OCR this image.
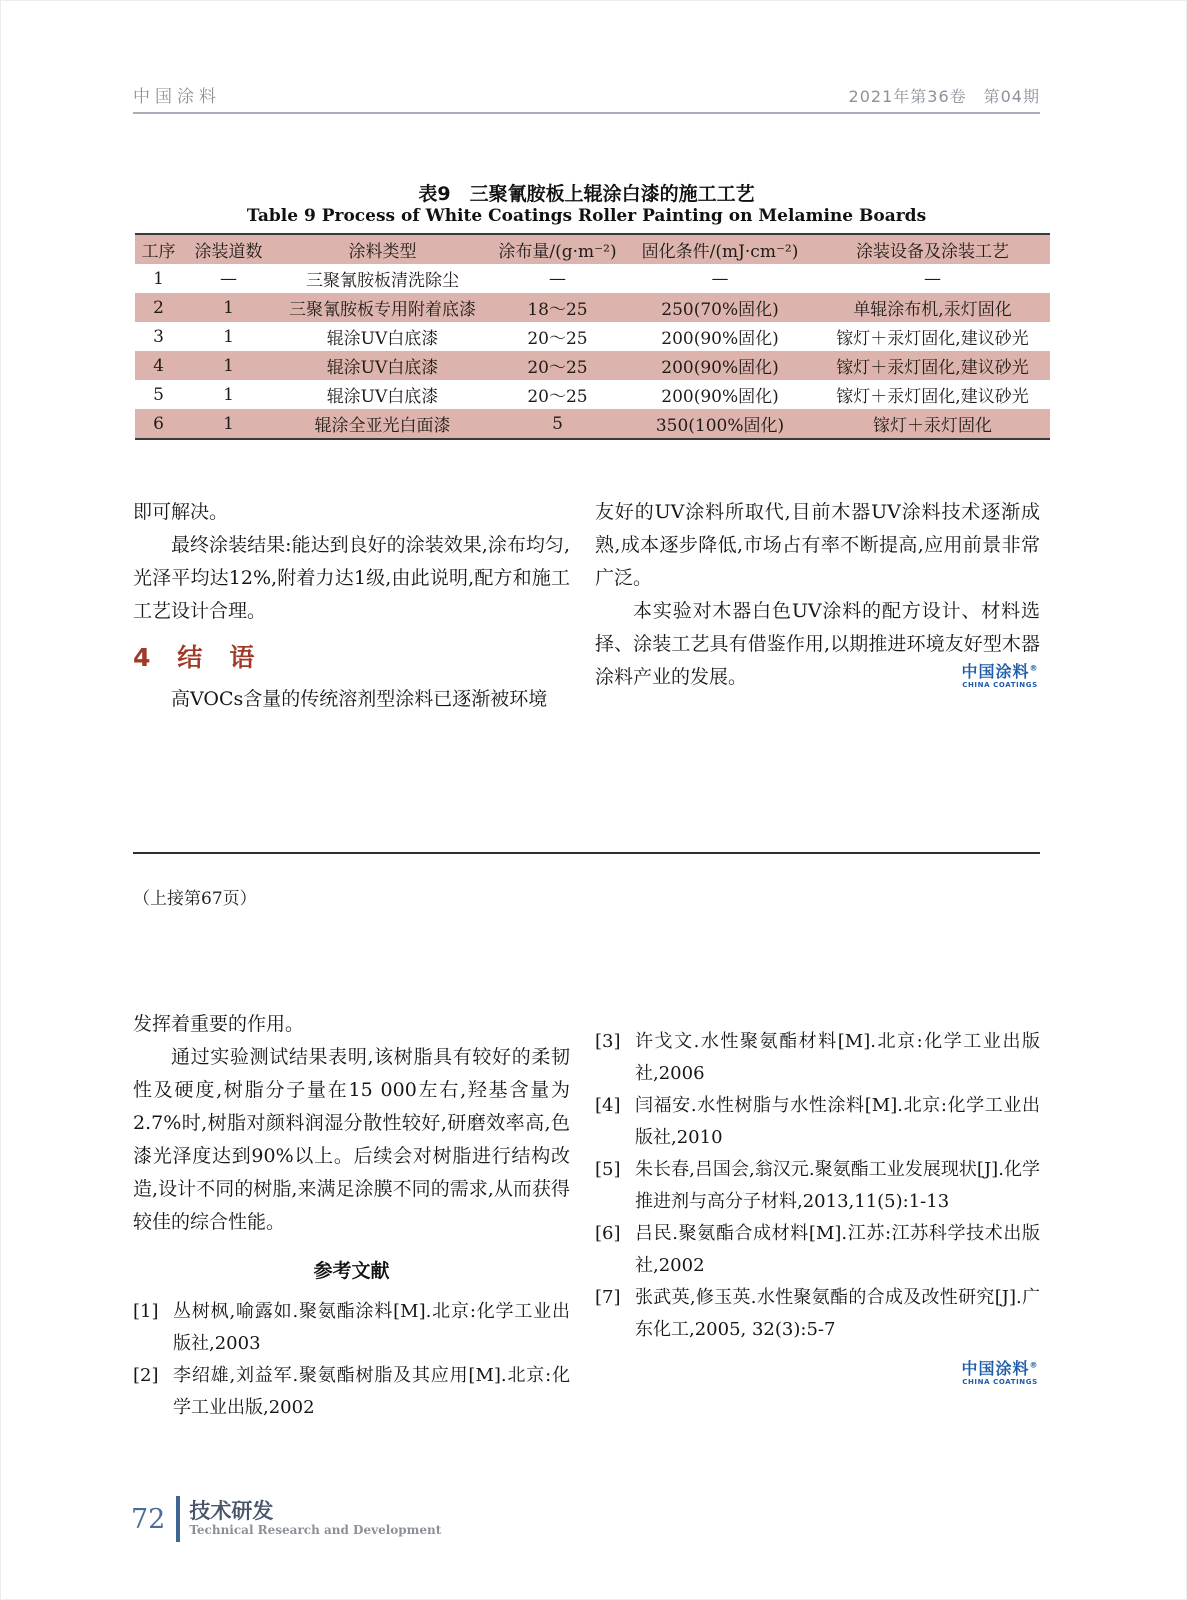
中国涂料	2021年第36卷　第04期
表9　三聚氰胺板上辊涂白漆的施工工艺
Table 9 Process of White Coatings Roller Painting on Melamine Boards
工序	涂装道数	涂料类型	涂布量/(g·m⁻²)	固化条件/(mJ·cm⁻²)	涂装设备及涂装工艺
1	—	三聚氰胺板清洗除尘	—	—	—
2	1	三聚氰胺板专用附着底漆	18～25	250(70%固化)	单辊涂布机,汞灯固化
3	1	辊涂UV白底漆	20～25	200(90%固化)	镓灯＋汞灯固化,建议砂光
4	1	辊涂UV白底漆	20～25	200(90%固化)	镓灯＋汞灯固化,建议砂光
5	1	辊涂UV白底漆	20～25	200(90%固化)	镓灯＋汞灯固化,建议砂光
6	1	辊涂全亚光白面漆	5	350(100%固化)	镓灯＋汞灯固化

即可解决。

最终涂装结果:能达到良好的涂装效果,涂布均匀,光泽平均达12%,附着力达1级,由此说明,配方和施工工艺设计合理。

4　结　语

高VOCs含量的传统溶剂型涂料已逐渐被环境

友好的UV涂料所取代,目前木器UV涂料技术逐渐成熟,成本逐步降低,市场占有率不断提高,应用前景非常广泛。

本实验对木器白色UV涂料的配方设计、材料选择、涂装工艺具有借鉴作用,以期推进环境友好型木器涂料产业的发展。	中国涂料®
CHINA COATINGS
（上接第67页）

发挥着重要的作用。

通过实验测试结果表明,该树脂具有较好的柔韧性及硬度,树脂分子量在15 000左右,羟基含量为2.7%时,树脂对颜料润湿分散性较好,研磨效率高,色漆光泽度达到90%以上。后续会对树脂进行结构改造,设计不同的树脂,来满足涂膜不同的需求,从而获得较佳的综合性能。

参考文献
[1] 丛树枫,喻露如.聚氨酯涂料[M].北京:化学工业出版社,2003
[2] 李绍雄,刘益军.聚氨酯树脂及其应用[M].北京:化学工业出版,2002
[3] 许戈文.水性聚氨酯材料[M].北京:化学工业出版社,2006
[4] 闫福安.水性树脂与水性涂料[M].北京:化学工业出版社,2010
[5] 朱长春,吕国会,翁汉元.聚氨酯工业发展现状[J].化学推进剂与高分子材料,2013,11(5):1-13
[6] 吕民.聚氨酯合成材料[M].江苏:江苏科学技术出版社,2002
[7] 张武英,修玉英.水性聚氨酯的合成及改性研究[J].广东化工,2005, 32(3):5-7
中国涂料®
CHINA COATINGS
72 技术研发
Technical Research and Development
